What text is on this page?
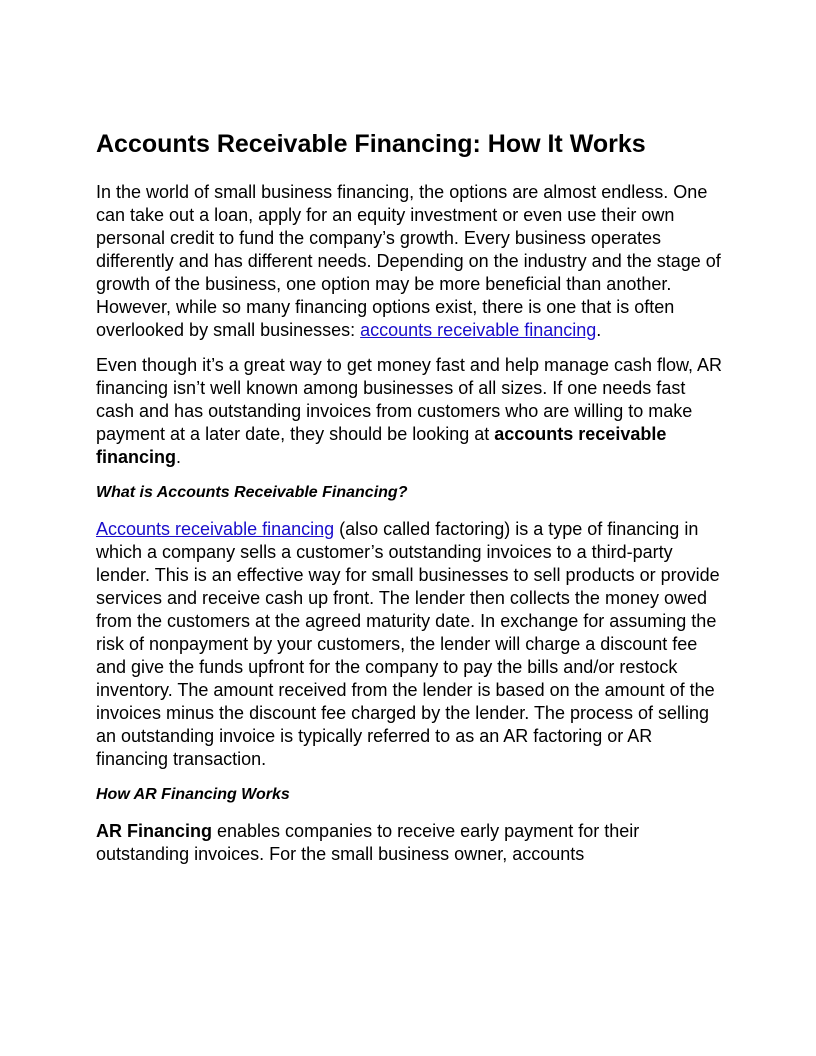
Accounts Receivable Financing: How It Works

In the world of small business financing, the options are almost endless. One can take out a loan, apply for an equity investment or even use their own personal credit to fund the company’s growth. Every business operates differently and has different needs. Depending on the industry and the stage of growth of the business, one option may be more beneficial than another. However, while so many financing options exist, there is one that is often overlooked by small businesses: accounts receivable financing.

Even though it’s a great way to get money fast and help manage cash flow, AR financing isn’t well known among businesses of all sizes. If one needs fast cash and has outstanding invoices from customers who are willing to make payment at a later date, they should be looking at accounts receivable financing.

What is Accounts Receivable Financing?

Accounts receivable financing (also called factoring) is a type of financing in which a company sells a customer’s outstanding invoices to a third-party lender. This is an effective way for small businesses to sell products or provide services and receive cash up front. The lender then collects the money owed from the customers at the agreed maturity date. In exchange for assuming the risk of nonpayment by your customers, the lender will charge a discount fee and give the funds upfront for the company to pay the bills and/or restock inventory. The amount received from the lender is based on the amount of the invoices minus the discount fee charged by the lender. The process of selling an outstanding invoice is typically referred to as an AR factoring or AR financing transaction.

How AR Financing Works

AR Financing enables companies to receive early payment for their outstanding invoices. For the small business owner, accounts
